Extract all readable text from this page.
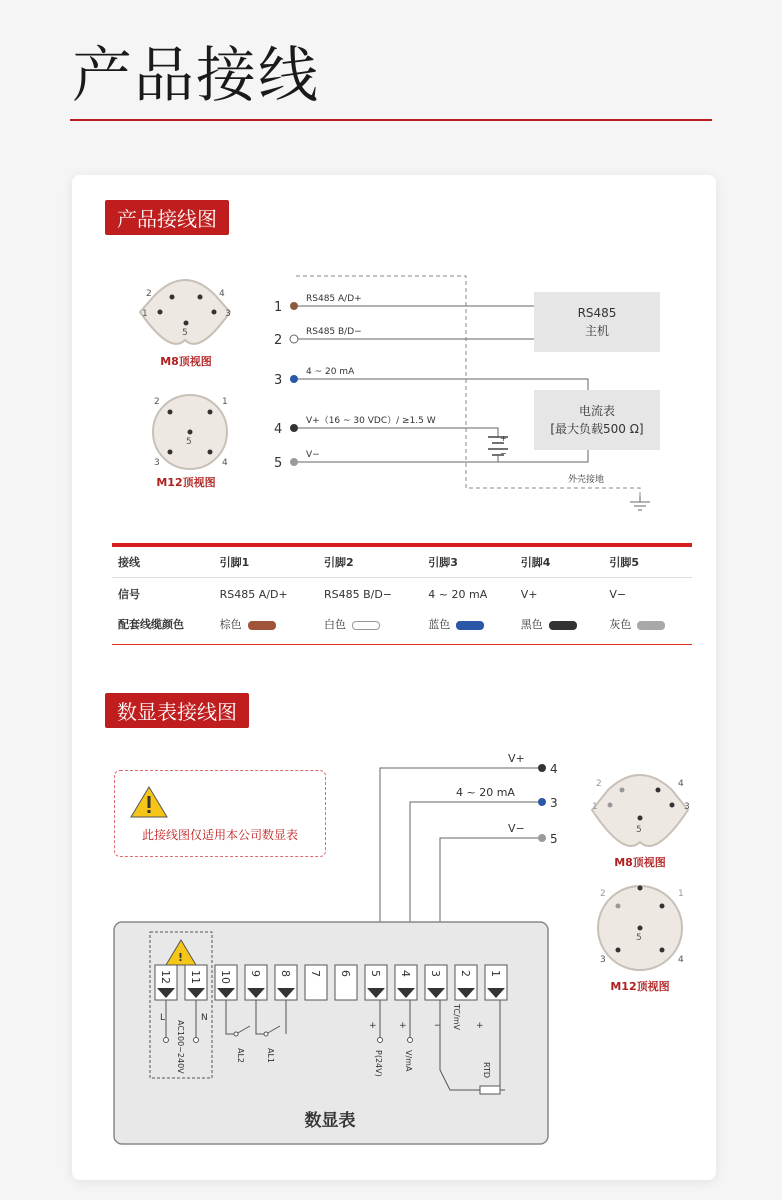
产品接线
产品接线图
2	4
1	3
5
M8顶视图
2	1
3	4
5
M12顶视图
1
RS485 A/D+
2
RS485 B/D−
3
4 ~ 20 mA
4
V+（16 ~ 30 VDC）/ ≥1.5 W
5
V−
+
−
RS485
主机
电流表
[最大负载500 Ω]
外壳接地
接线	引脚1	引脚2	引脚3	引脚4	引脚5
信号	RS485 A/D+	RS485 B/D−	4 ~ 20 mA	V+	V−
配套线缆颜色	棕色	白色	蓝色	黑色	灰色
数显表接线图
此接线图仅适用本公司数显表
V+
4
4 ~ 20 mA
3
V−
5
2	4
1	3
5
M8顶视图
2	1
3	4
5
M12顶视图
!
12 11 10 9 8 7 6 5 4 3 2 1
L	N
AC100~240V	AL2	AL1
+
P(24V)
+
V/mA
−	+
TC/mV
RTD
数显表
